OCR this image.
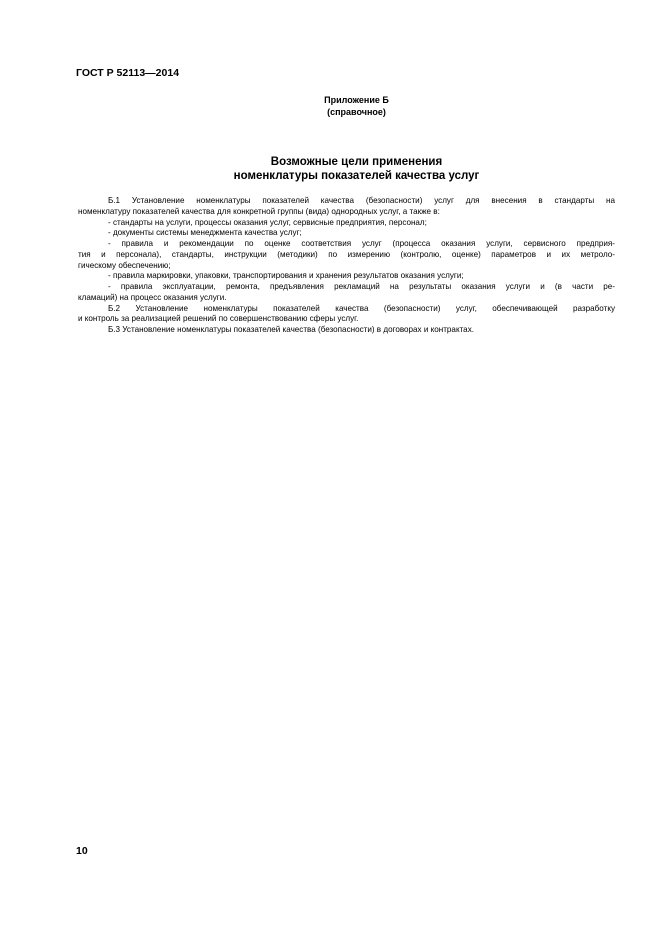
ГОСТ Р 52113—2014
Приложение Б
(справочное)
Возможные цели применения
номенклатуры показателей качества услуг

Б.1 Установление номенклатуры показателей качества (безопасности) услуг для внесения в стандарты на

номенклатуру показателей качества для конкретной группы (вида) однородных услуг, а также в:

- стандарты на услуги, процессы оказания услуг, сервисные предприятия, персонал;

- документы системы менеджмента качества услуг;

- правила и рекомендации по оценке соответствия услуг (процесса оказания услуги, сервисного предприя-

тия и персонала), стандарты, инструкции (методики) по измерению (контролю, оценке) параметров и их метроло-

гическому обеспечению;

- правила маркировки, упаковки, транспортирования и хранения результатов оказания услуги;

- правила эксплуатации, ремонта, предъявления рекламаций на результаты оказания услуги и (в части ре-

кламаций) на процесс оказания услуги.

Б.2 Установление номенклатуры показателей качества (безопасности) услуг, обеспечивающей разработку

и контроль за реализацией решений по совершенствованию сферы услуг.

Б.3 Установление номенклатуры показателей качества (безопасности) в договорах и контрактах.

10
